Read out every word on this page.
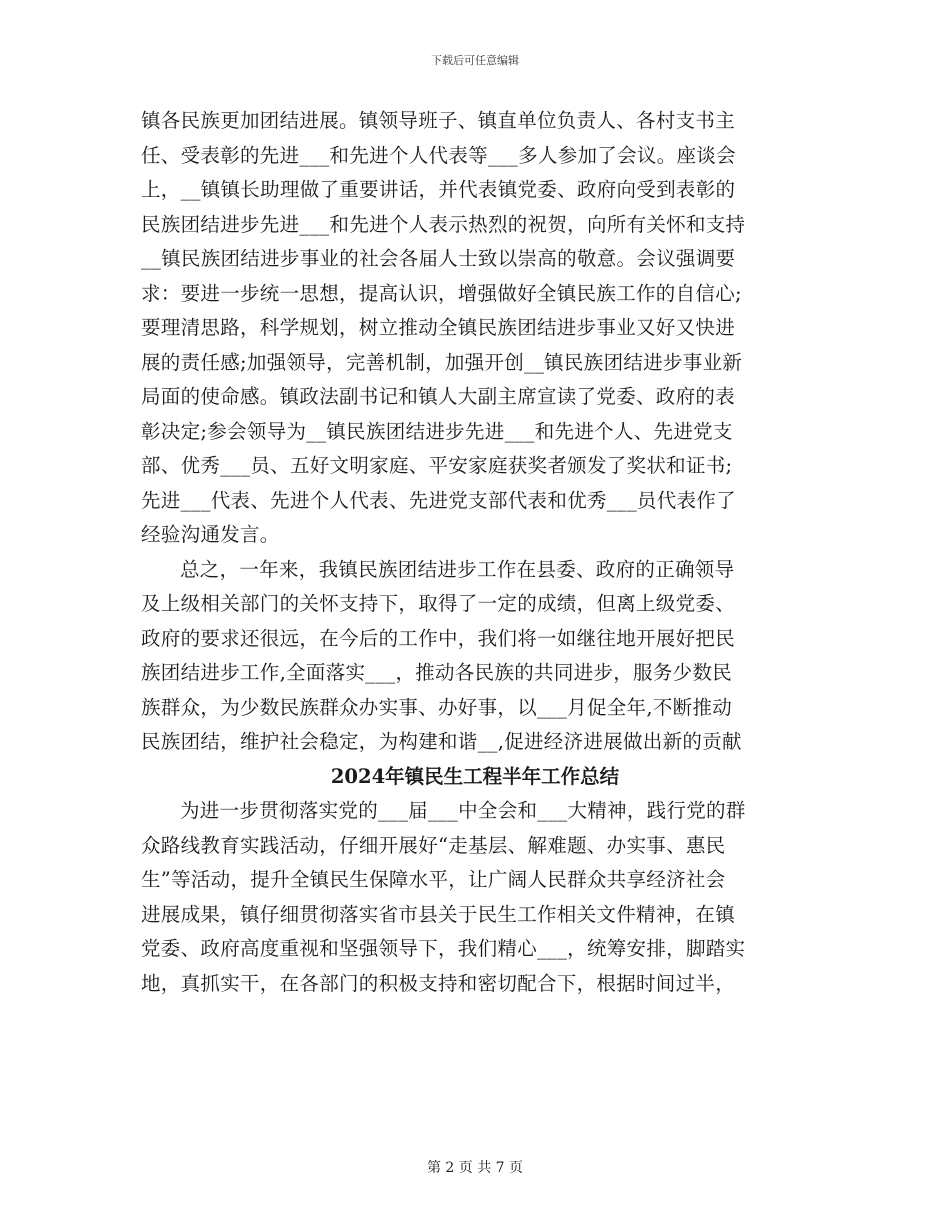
下载后可任意编辑

镇各民族更加团结进展。镇领导班子、镇直单位负责人、各村支书主

任、受表彰的先进___和先进个人代表等___多人参加了会议。座谈会

上，__镇镇长助理做了重要讲话，并代表镇党委、政府向受到表彰的

民族团结进步先进___和先进个人表示热烈的祝贺，向所有关怀和支持

__镇民族团结进步事业的社会各届人士致以崇高的敬意。会议强调要

求：要进一步统一思想，提高认识，增强做好全镇民族工作的自信心;

要理清思路，科学规划，树立推动全镇民族团结进步事业又好又快进

展的责任感;加强领导，完善机制，加强开创__镇民族团结进步事业新

局面的使命感。镇政法副书记和镇人大副主席宣读了党委、政府的表

彰决定;参会领导为__镇民族团结进步先进___和先进个人、先进党支

部、优秀___员、五好文明家庭、平安家庭获奖者颁发了奖状和证书;

先进___代表、先进个人代表、先进党支部代表和优秀___员代表作了

经验沟通发言。

总之，一年来，我镇民族团结进步工作在县委、政府的正确领导

及上级相关部门的关怀支持下，取得了一定的成绩，但离上级党委、

政府的要求还很远，在今后的工作中，我们将一如继往地开展好把民

族团结进步工作,全面落实___，推动各民族的共同进步，服务少数民

族群众，为少数民族群众办实事、办好事，以___月促全年,不断推动

民族团结，维护社会稳定，为构建和谐__,促进经济进展做出新的贡献

2024年镇民生工程半年工作总结

为进一步贯彻落实党的___届___中全会和___大精神，践行党的群

众路线教育实践活动，仔细开展好“走基层、解难题、办实事、惠民

生”等活动，提升全镇民生保障水平，让广阔人民群众共享经济社会

进展成果，镇仔细贯彻落实省市县关于民生工作相关文件精神，在镇

党委、政府高度重视和坚强领导下，我们精心___，统筹安排，脚踏实

地，真抓实干，在各部门的积极支持和密切配合下，根据时间过半，

第 2 页 共 7 页
